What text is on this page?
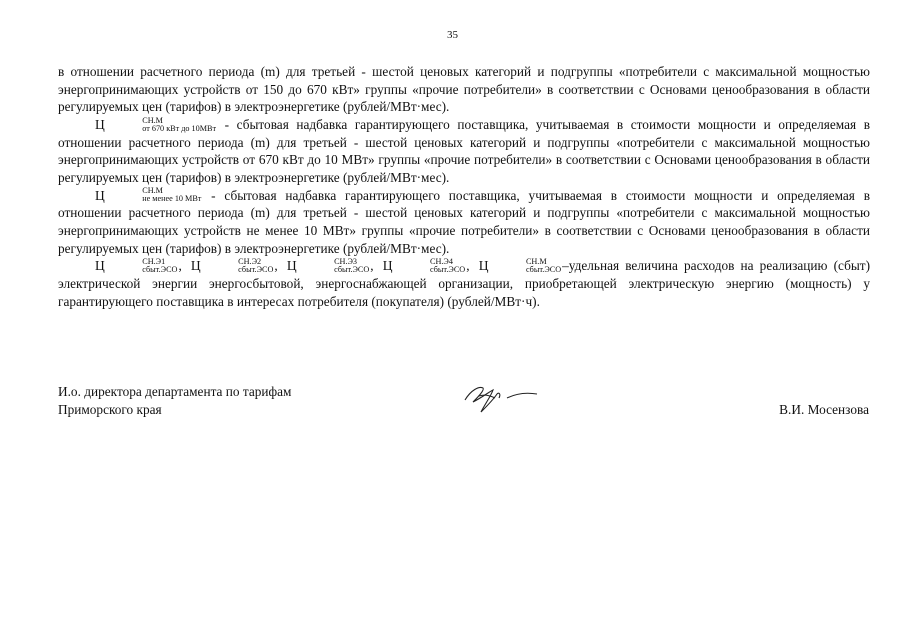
35

в отношении расчетного периода (m) для третьей - шестой ценовых категорий и подгруппы «потребители с максимальной мощностью энергопринимающих устройств от 150 до 670 кВт» группы «прочие потребители» в соответствии с Основами ценообразования в области регулируемых цен (тарифов) в электроэнергетике (рублей/МВт·мес).

Ц	СН.М
от 670 кВт до 10МВт - сбытовая надбавка гарантирующего поставщика, учитываемая в стоимости мощности и определяемая в отношении расчетного периода (m) для третьей - шестой ценовых категорий и подгруппы «потребители с максимальной мощностью энергопринимающих устройств от 670 кВт до 10 МВт» группы «прочие потребители» в соответствии с Основами ценообразования в области регулируемых цен (тарифов) в электроэнергетике (рублей/МВт·мес).

Ц	СН.М
не менее 10 МВт - сбытовая надбавка гарантирующего поставщика, учитываемая в стоимости мощности и определяемая в отношении расчетного периода (m) для третьей - шестой ценовых категорий и подгруппы «потребители с максимальной мощностью энергопринимающих устройств не менее 10 МВт» группы «прочие потребители» в соответствии с Основами ценообразования в области регулируемых цен (тарифов) в электроэнергетике (рублей/МВт·мес).

Ц	СН.Э1
сбыт.ЭСО , Ц	СН.Э2
сбыт.ЭСО , Ц	СН.Э3
сбыт.ЭСО , Ц	СН.Э4
сбыт.ЭСО , Ц	СН.М
сбыт.ЭСО –удельная величина расходов на реализацию (сбыт) электрической энергии энергосбытовой, энергоснабжающей организации, приобретающей электрическую энергию (мощность) у гарантирующего поставщика в интересах потребителя (покупателя) (рублей/МВт·ч).

И.о. директора департамента по тарифам
Приморского края	В.И. Мосензова
